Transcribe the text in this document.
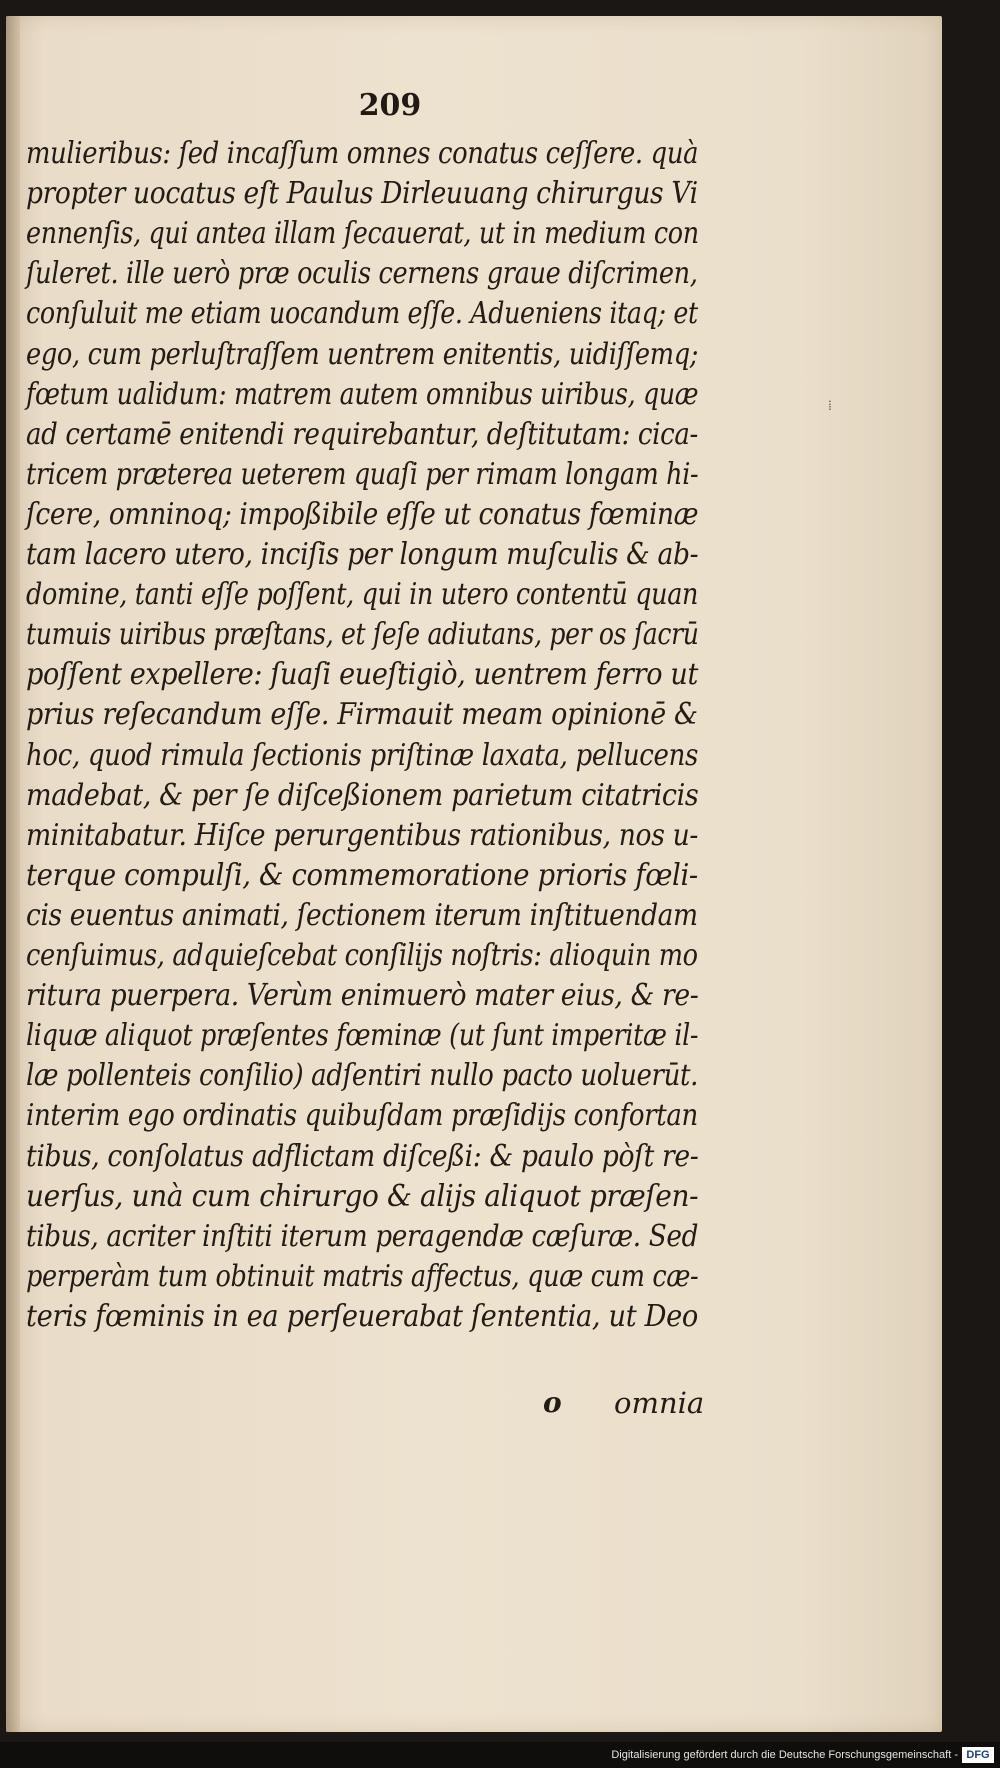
209
mulieribus: ſed incaſſum omnes conatus ceſſere. quà
propter uocatus eſt Paulus Dirleuuang chirurgus Vi
ennenſis, qui antea illam ſecauerat, ut in medium con
ſuleret. ille uerò præ oculis cernens graue diſcrimen,
conſuluit me etiam uocandum eſſe. Adueniens itaq; et
ego, cum perluſtraſſem uentrem enitentis, uidiſſemq;
fœtum ualidum: matrem autem omnibus uiribus, quæ
ad certamē enitendi requirebantur, deſtitutam: cica-
tricem præterea ueterem quaſi per rimam longam hi-
ſcere, omninoq; impoßibile eſſe ut conatus fœminæ
tam lacero utero, inciſis per longum muſculis & ab-
domine, tanti eſſe poſſent, qui in utero contentū quan
tumuis uiribus præſtans, et ſeſe adiutans, per os ſacrū
poſſent expellere: ſuaſi eueſtigiò, uentrem ferro ut
prius reſecandum eſſe. Firmauit meam opinionē &
hoc, quod rimula ſectionis priſtinæ laxata, pellucens
madebat, & per ſe diſceßionem parietum citatricis
minitabatur. Hiſce perurgentibus rationibus, nos u-
terque compulſi, & commemoratione prioris fœli-
cis euentus animati, ſectionem iterum inſtituendam
cenſuimus, adquieſcebat conſilijs noſtris: alioquin mo
ritura puerpera. Verùm enimuerò mater eius, & re-
liquæ aliquot præſentes fœminæ (ut ſunt imperitæ il-
læ pollenteis conſilio) adſentiri nullo pacto uoluerūt.
interim ego ordinatis quibuſdam præſidijs confortan
tibus, conſolatus adflictam diſceßi: & paulo pòſt re-
uerſus, unà cum chirurgo & alijs aliquot præſen-
tibus, acriter inſtiti iterum peragendæ cæſuræ. Sed
perperàm tum obtinuit matris affectus, quæ cum cæ-
teris fœminis in ea perſeuerabat ſententia, ut Deo
o omnia
⁞
Digitalisierung gefördert durch die Deutsche Forschungsgemeinschaft - DFG
